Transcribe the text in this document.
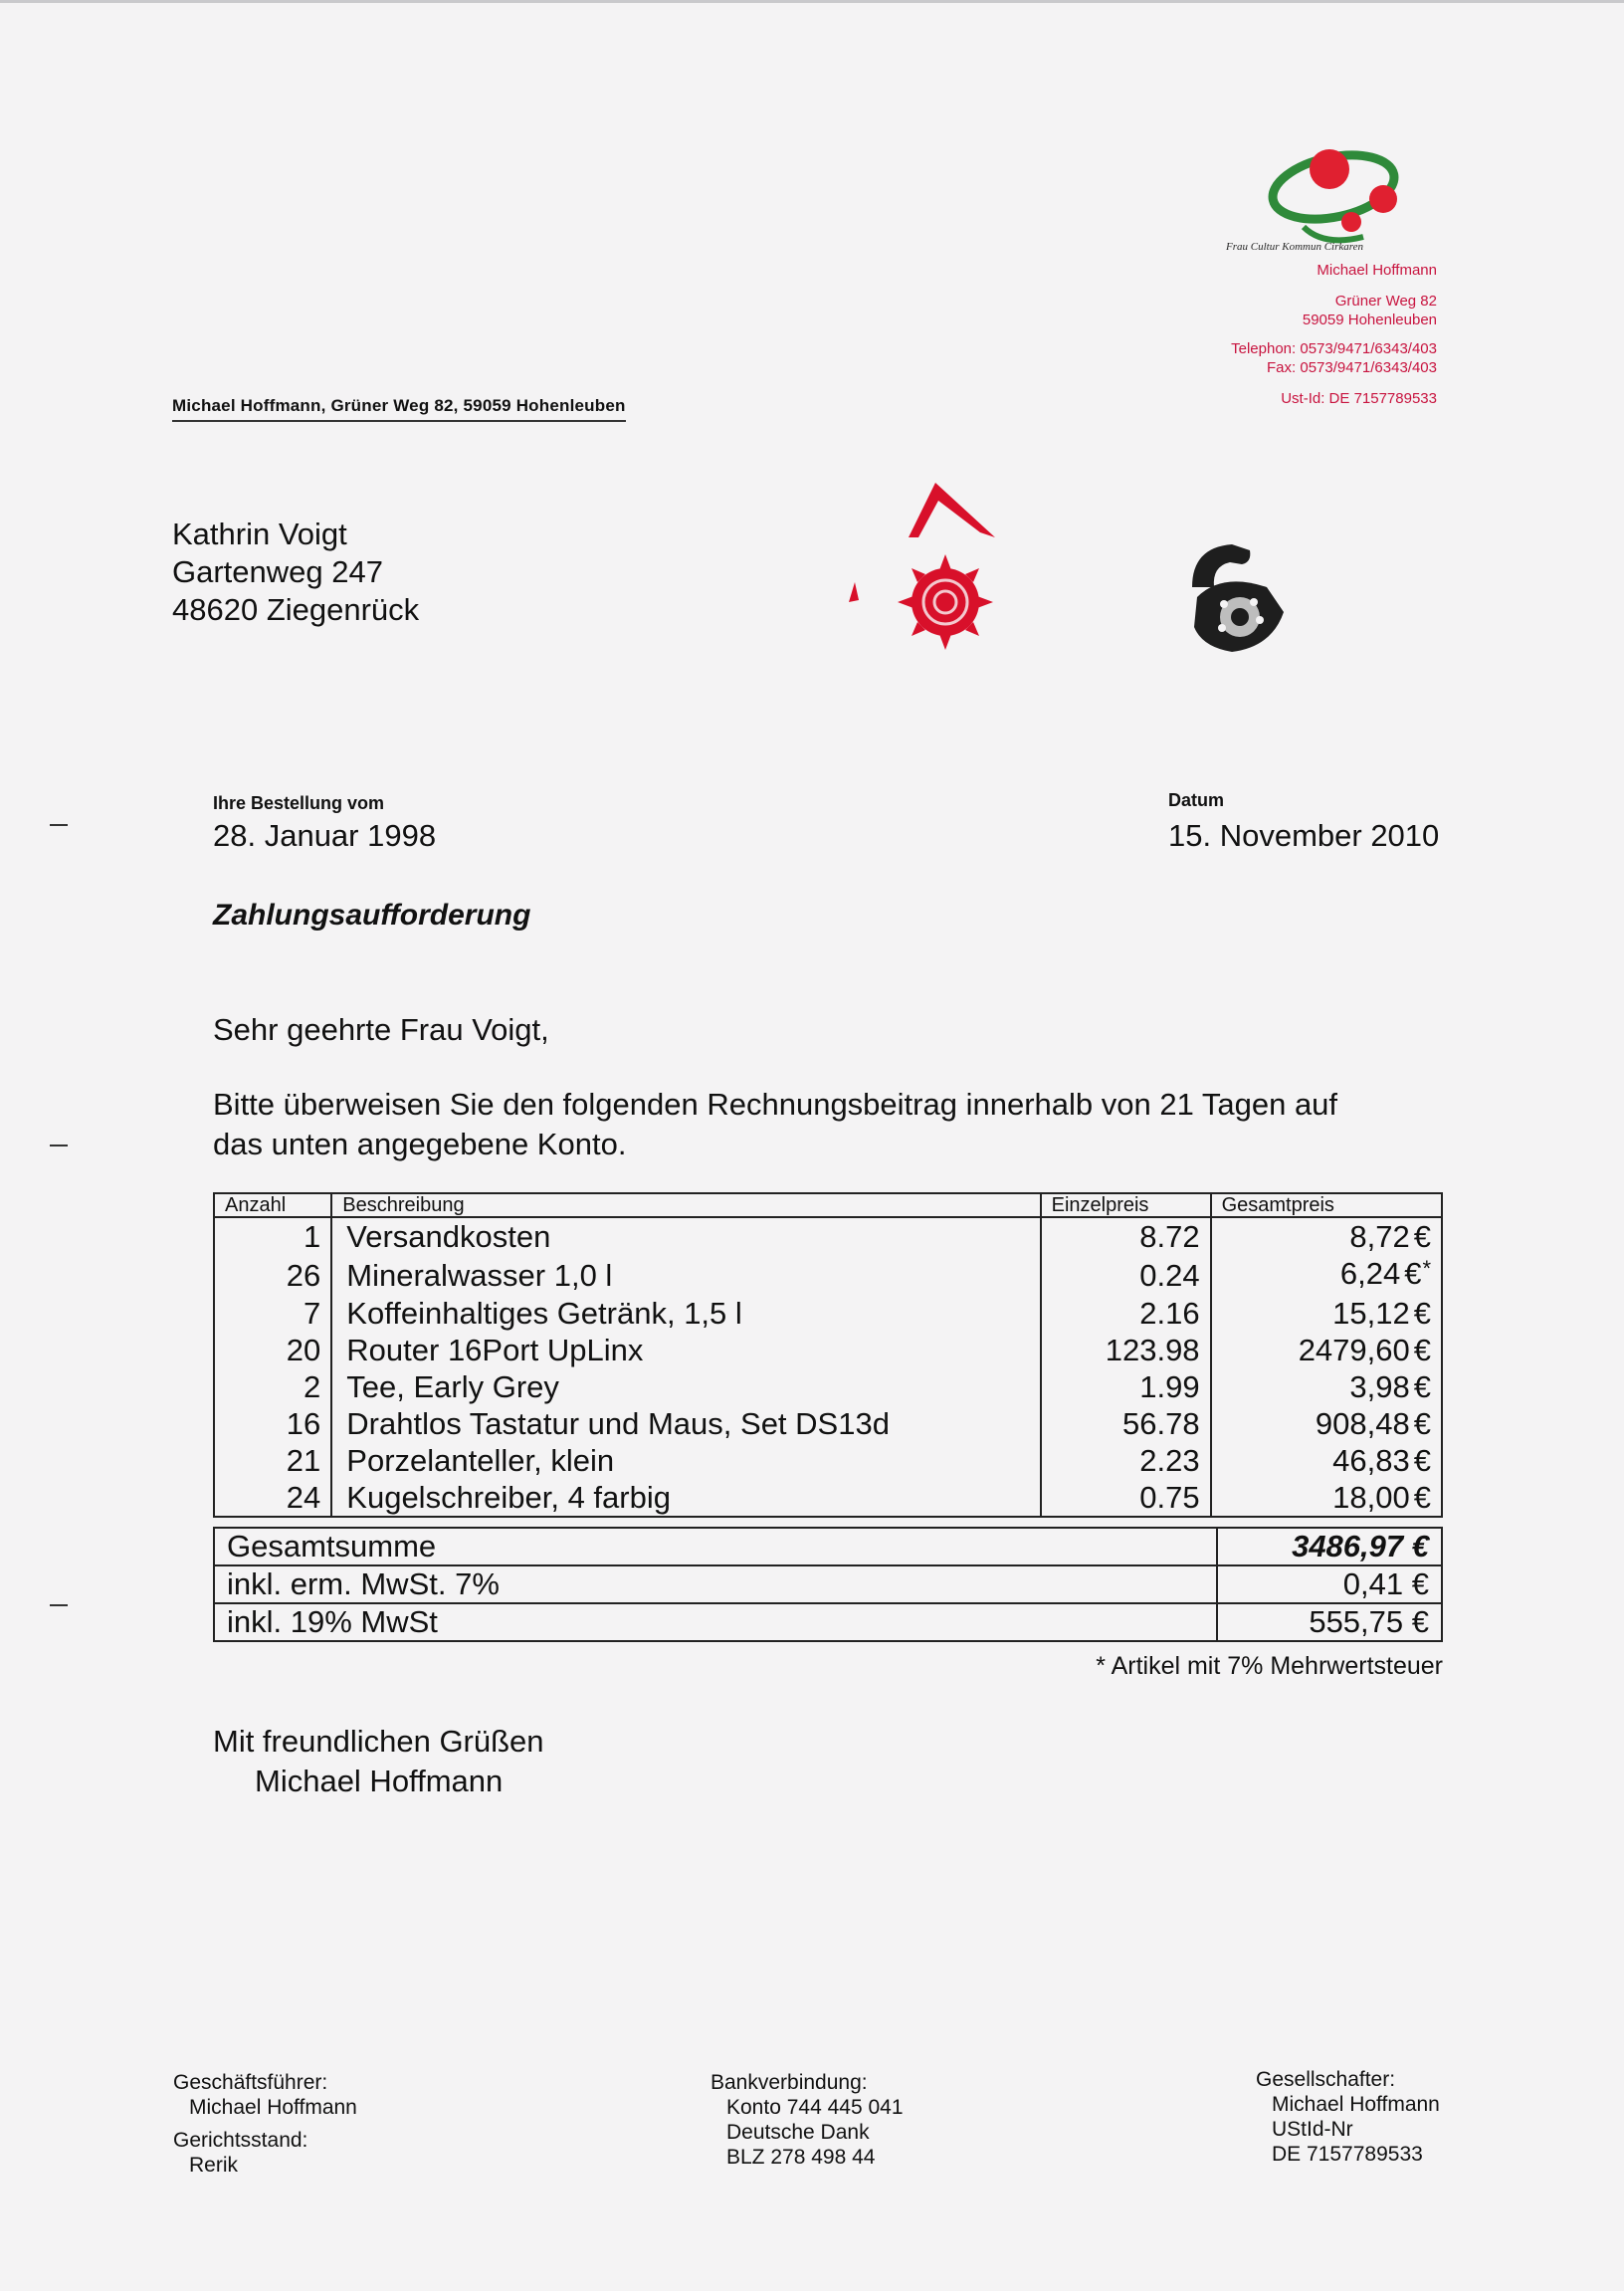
Frau Cultur Kommun Cirkaren
Michael Hoffmann
Grüner Weg 82
59059 Hohenleuben
Telephon: 0573/9471/6343/403
Fax: 0573/9471/6343/403
Ust-Id: DE 7157789533
Michael Hoffmann, Grüner Weg 82, 59059 Hohenleuben
Kathrin Voigt
Gartenweg 247
48620 Ziegenrück
Ihre Bestellung vom
28. Januar 1998
Datum
15. November 2010
Zahlungsaufforderung
Sehr geehrte Frau Voigt,
Bitte überweisen Sie den folgenden Rechnungsbeitrag innerhalb von 21 Tagen auf
das unten angegebene Konto.
Anzahl	Beschreibung	Einzelpreis	Gesamtpreis
1	Versandkosten	8.72	8,72 €
26	Mineralwasser 1,0 l	0.24	6,24 €*
7	Koffeinhaltiges Getränk, 1,5 l	2.16	15,12 €
20	Router 16Port UpLinx	123.98	2479,60 €
2	Tee, Early Grey	1.99	3,98 €
16	Drahtlos Tastatur und Maus, Set DS13d	56.78	908,48 €
21	Porzelanteller, klein	2.23	46,83 €
24	Kugelschreiber, 4 farbig	0.75	18,00 €
Gesamtsumme	3486,97 €
inkl. erm. MwSt. 7%	0,41 €
inkl. 19% MwSt	555,75 €
* Artikel mit 7% Mehrwertsteuer
Mit freundlichen Grüßen
Michael Hoffmann
Geschäftsführer:
Michael Hoffmann
Gerichtsstand:
Rerik
Bankverbindung:
Konto 744 445 041
Deutsche Dank
BLZ 278 498 44
Gesellschafter:
Michael Hoffmann
UStId-Nr
DE 7157789533
